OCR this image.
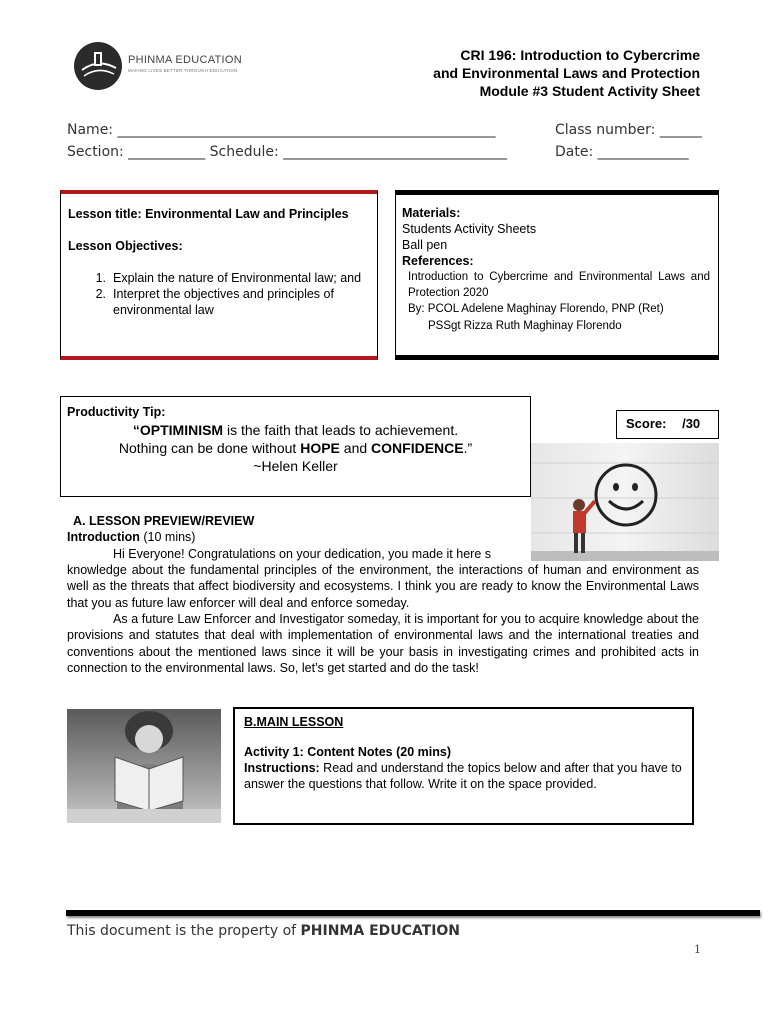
PHINMA EDUCATION
MAKING LIVES BETTER THROUGH EDUCATION
CRI 196: Introduction to Cybercrime
and Environmental Laws and Protection
Module #3 Student Activity Sheet
Name: ______________________________________________________	Class number: ______
Section: ___________ Schedule: ________________________________	Date: _____________
Lesson title: Environmental Law and Principles
Lesson Objectives:
1. Explain the nature of Environmental law; and
2. Interpret the objectives and principles of environmental law
Materials:
Students Activity Sheets
Ball pen
References:
Introduction to Cybercrime and Environmental Laws and Protection 2020
By: PCOL Adelene Maghinay Florendo, PNP (Ret)
PSSgt Rizza Ruth Maghinay Florendo
Productivity Tip:
“OPTIMINISM is the faith that leads to achievement.
Nothing can be done without HOPE and CONFIDENCE.”
~Helen Keller
Score: /30
A. LESSON PREVIEW/REVIEW
Introduction (10 mins)
Hi Everyone! Congratulations on your dedication, you made it here s
knowledge about the fundamental principles of the environment, the interactions of human and environment as well as the threats that affect biodiversity and ecosystems. I think you are ready to know the Environmental Laws that you as future law enforcer will deal and enforce someday.
As a future Law Enforcer and Investigator someday, it is important for you to acquire knowledge about the provisions and statutes that deal with implementation of environmental laws and the international treaties and conventions about the mentioned laws since it will be your basis in investigating crimes and prohibited acts in connection to the environmental laws. So, let’s get started and do the task!
B.MAIN LESSON
Activity 1: Content Notes (20 mins)
Instructions: Read and understand the topics below and after that you have to answer the questions that follow. Write it on the space provided.
This document is the property of PHINMA EDUCATION
1
